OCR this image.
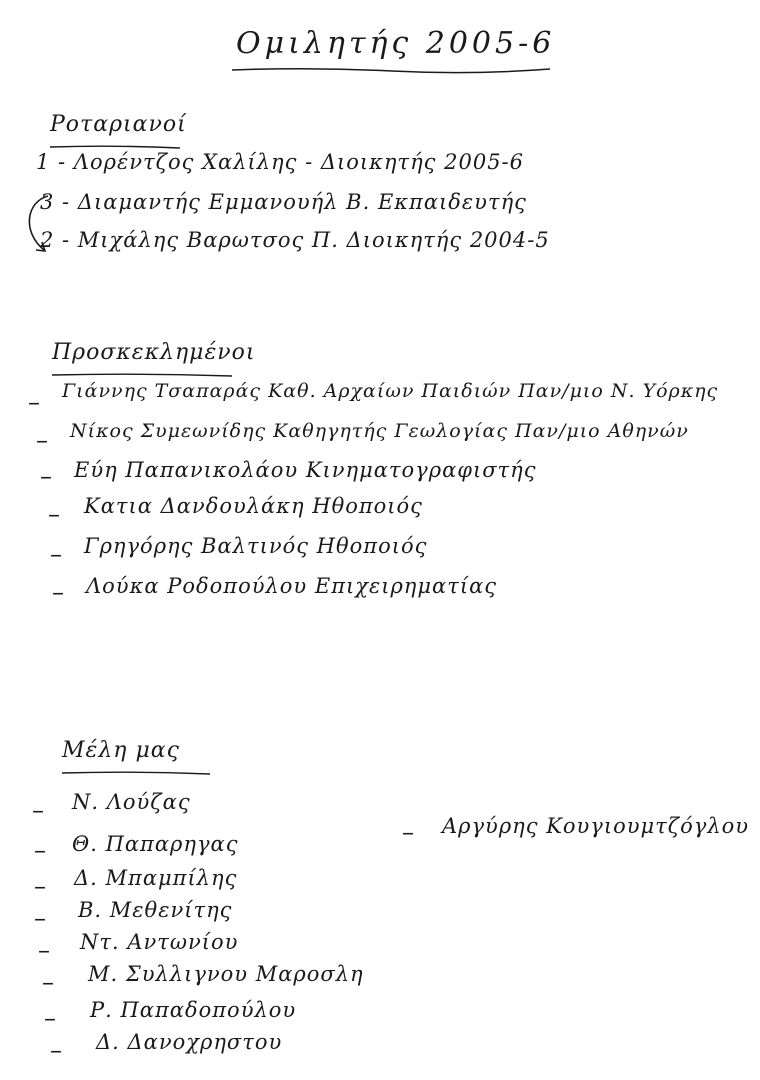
Ομιλητής 2005-6
Ροταριανοί
1 - Λορέντζος Χαλίλης - Διοικητής 2005-6
3 - Διαμαντής Εμμανουήλ Β. Εκπαιδευτής
2 - Μιχάλης Βαρωτσος Π. Διοικητής 2004-5
Προσκεκλημένοι
– Γιάννης Τσαπαράς Καθ. Αρχαίων Παιδιών Παν/μιο Ν. Υόρκης
– Νίκος Συμεωνίδης Καθηγητής Γεωλογίας Παν/μιο Αθηνών
– Εύη Παπανικολάου Κινηματογραφιστής
– Κατια Δανδουλάκη Ηθοποιός
– Γρηγόρης Βαλτινός Ηθοποιός
– Λούκα Ροδοπούλου Επιχειρηματίας
Μέλη μας
– Ν. Λούζας
– Θ. Παπαρηγας
– Δ. Μπαμπίλης
– Β. Μεθενίτης
– Ντ. Αντωνίου
– Μ. Συλλιγνου Μαροσλη
– Ρ. Παπαδοπούλου
– Δ. Δανοχρηστου
– Αργύρης Κουγιουμτζόγλου
